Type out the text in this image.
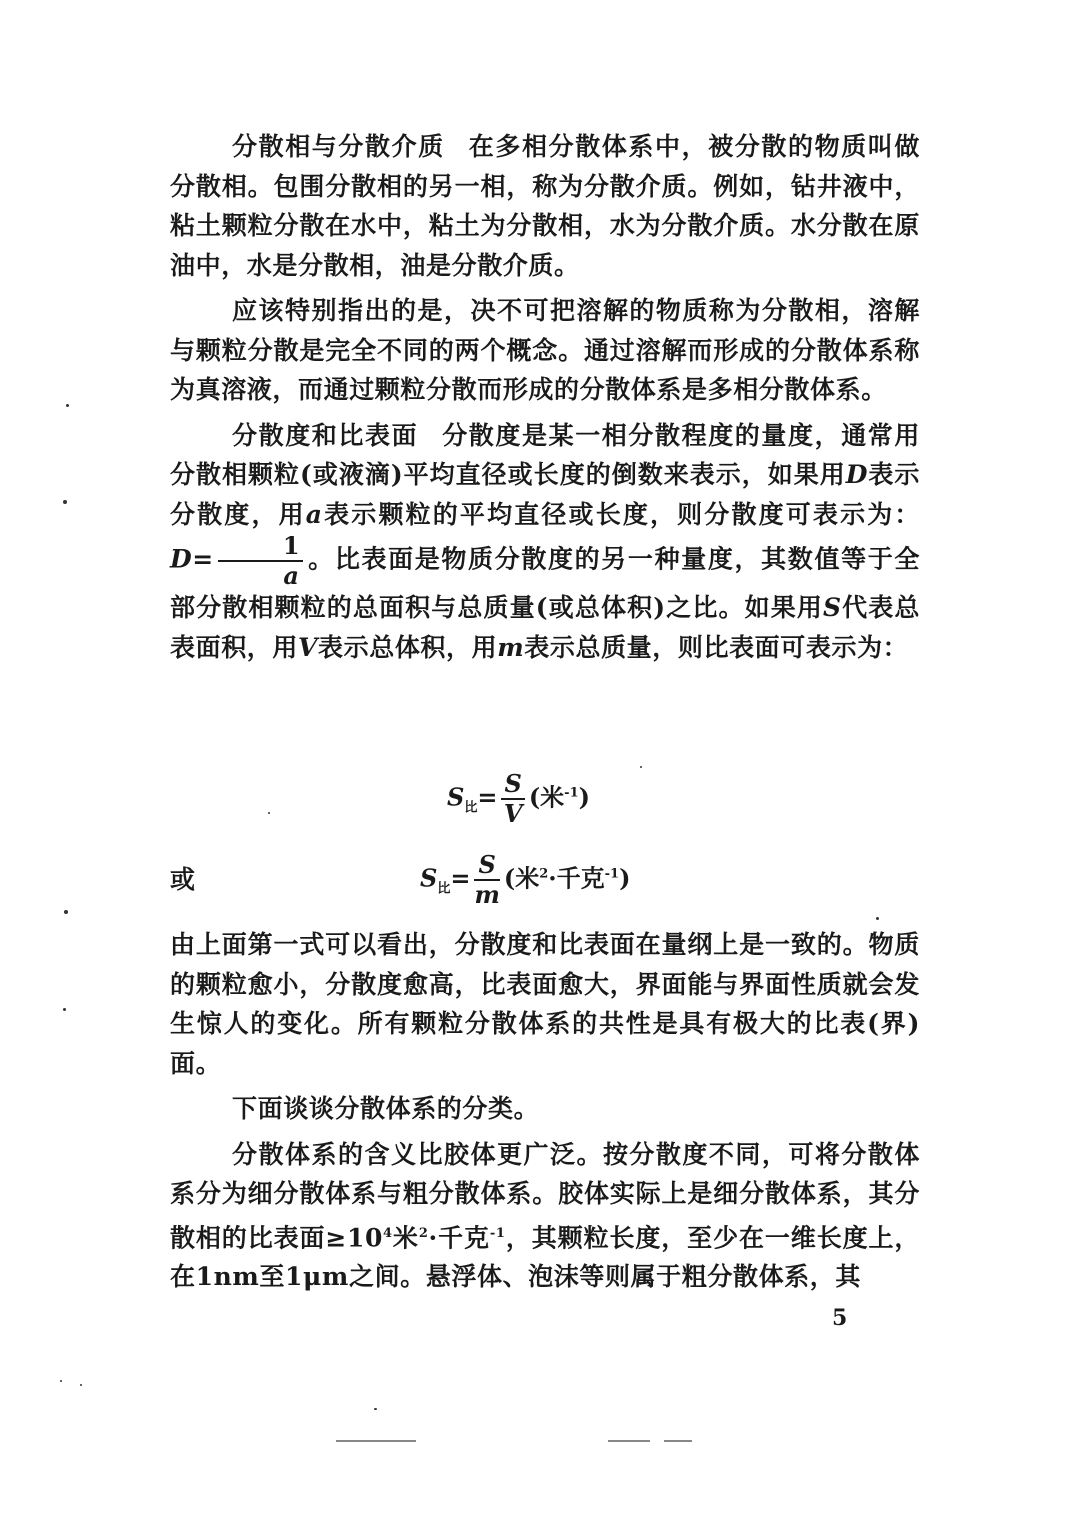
分散相与分散介质 在多相分散体系中，被分散的物质叫做分散相。包围分散相的另一相，称为分散介质。例如，钻井液中，粘土颗粒分散在水中，粘土为分散相，水为分散介质。水分散在原油中，水是分散相，油是分散介质。

应该特别指出的是，决不可把溶解的物质称为分散相，溶解与颗粒分散是完全不同的两个概念。通过溶解而形成的分散体系称为真溶液，而通过颗粒分散而形成的分散体系是多相分散体系。

分散度和比表面 分散度是某一相分散程度的量度，通常用分散相颗粒(或液滴)平均直径或长度的倒数来表示，如果用D表示分散度，用a表示颗粒的平均直径或长度，则分散度可表示为：$D= \frac{1}{a}$ 。比表面是物质分散度的另一种量度，其数值等于全部分散相颗粒的总面积与总质量(或总体积)之比。如果用S代表总表面积，用V表示总体积，用m表示总质量，则比表面可表示为：

$S_比= \frac{S}{V}$ (米$^{-1}$)
或	$S_比= \frac{S}{m}$ (米$^2$·千克$^{-1}$)

由上面第一式可以看出，分散度和比表面在量纲上是一致的。物质的颗粒愈小，分散度愈高，比表面愈大，界面能与界面性质就会发生惊人的变化。所有颗粒分散体系的共性是具有极大的比表(界)面。

下面谈谈分散体系的分类。

分散体系的含义比胶体更广泛。按分散度不同，可将分散体系分为细分散体系与粗分散体系。胶体实际上是细分散体系，其分散相的比表面$\ge 10^4$米$^2$·千克$^{-1}$，其颗粒长度，至少在一维长度上，在1nm至1μm之间。悬浮体、泡沫等则属于粗分散体系，其

5
